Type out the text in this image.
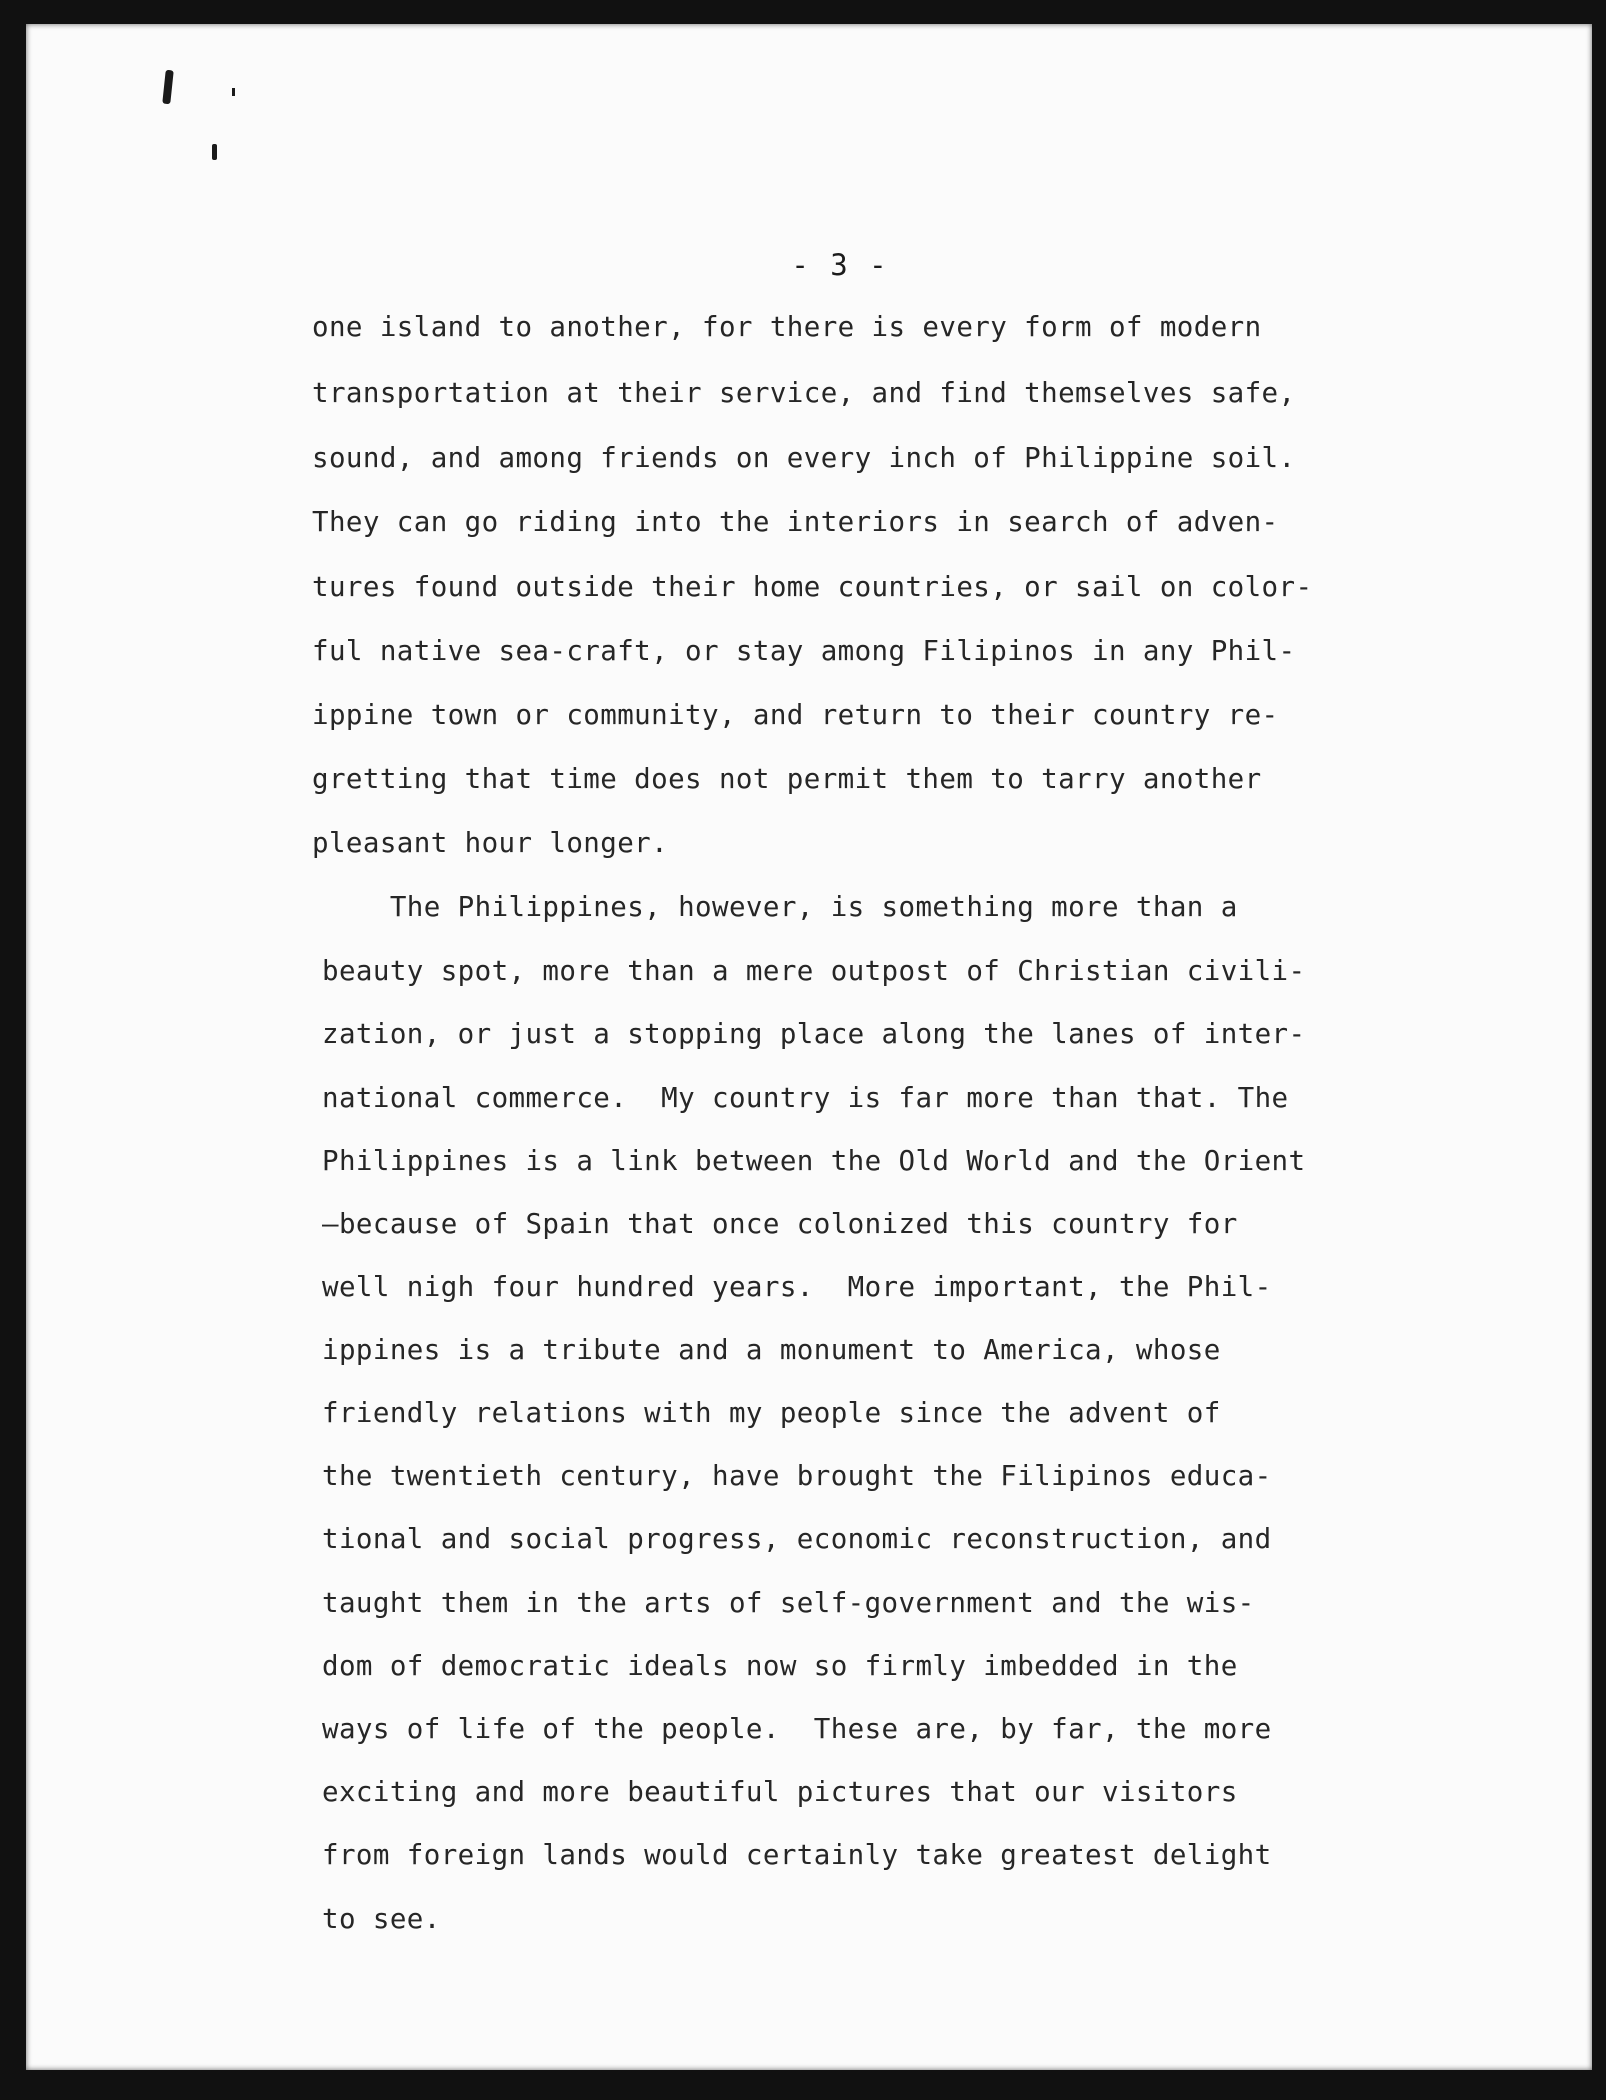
- 3 -
one island to another, for there is every form of modern
transportation at their service, and find themselves safe,
sound, and among friends on every inch of Philippine soil.
They can go riding into the interiors in search of adven-
tures found outside their home countries, or sail on color-
ful native sea-craft, or stay among Filipinos in any Phil-
ippine town or community, and return to their country re-
gretting that time does not permit them to tarry another
pleasant hour longer.
The Philippines, however, is something more than a
beauty spot, more than a mere outpost of Christian civili-
zation, or just a stopping place along the lanes of inter-
national commerce.  My country is far more than that. The
Philippines is a link between the Old World and the Orient
—because of Spain that once colonized this country for
well nigh four hundred years.  More important, the Phil-
ippines is a tribute and a monument to America, whose
friendly relations with my people since the advent of
the twentieth century, have brought the Filipinos educa-
tional and social progress, economic reconstruction, and
taught them in the arts of self-government and the wis-
dom of democratic ideals now so firmly imbedded in the
ways of life of the people.  These are, by far, the more
exciting and more beautiful pictures that our visitors
from foreign lands would certainly take greatest delight
to see.
